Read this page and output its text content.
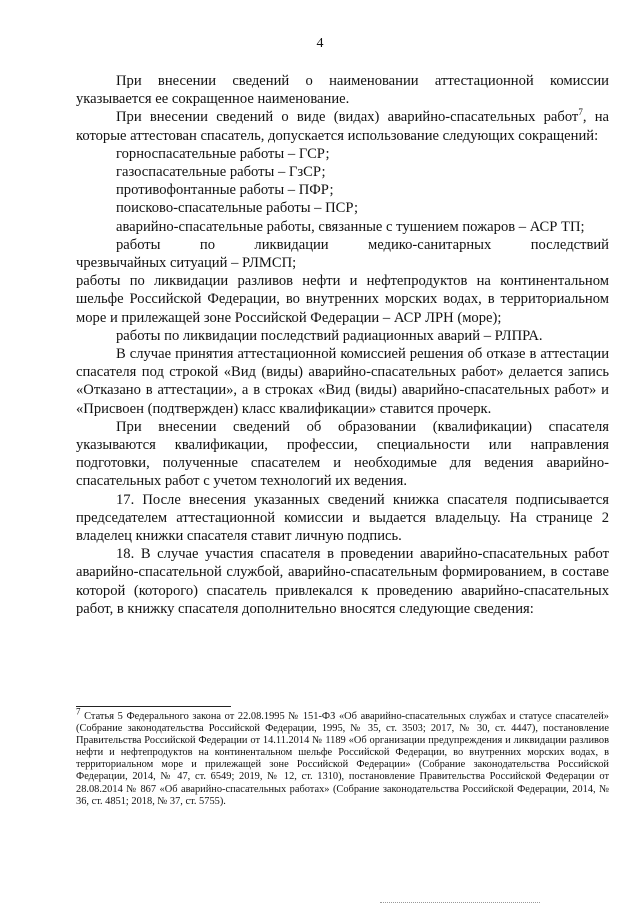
4

При внесении сведений о наименовании аттестационной комиссии указывается ее сокращенное наименование.

При внесении сведений о виде (видах) аварийно-спасательных работ$^7$, на которые аттестован спасатель, допускается использование следующих сокращений:

горноспасательные работы – ГСР;

газоспасательные работы – ГзСР;

противофонтанные работы – ПФР;

поисково-спасательные работы – ПСР;

аварийно-спасательные работы, связанные с тушением пожаров – АСР ТП;

работы по ликвидации медико-санитарных последствий

чрезвычайных ситуаций – РЛМСП;

работы по ликвидации разливов нефти и нефтепродуктов на континентальном шельфе Российской Федерации, во внутренних морских водах, в территориальном море и прилежащей зоне Российской Федерации – АСР ЛРН (море);

работы по ликвидации последствий радиационных аварий – РЛПРА.

В случае принятия аттестационной комиссией решения об отказе в аттестации спасателя под строкой «Вид (виды) аварийно-спасательных работ» делается запись «Отказано в аттестации», а в строках «Вид (виды) аварийно-спасательных работ» и «Присвоен (подтвержден) класс квалификации» ставится прочерк.

При внесении сведений об образовании (квалификации) спасателя указываются квалификации, профессии, специальности или направления подготовки, полученные спасателем и необходимые для ведения аварийно-спасательных работ с учетом технологий их ведения.

17. После внесения указанных сведений книжка спасателя подписывается председателем аттестационной комиссии и выдается владельцу. На странице 2 владелец книжки спасателя ставит личную подпись.

18. В случае участия спасателя в проведении аварийно-спасательных работ аварийно-спасательной службой, аварийно-спасательным формированием, в составе которой (которого) спасатель привлекался к проведению аварийно-спасательных работ, в книжку спасателя дополнительно вносятся следующие сведения:

$^7$ Статья 5 Федерального закона от 22.08.1995 № 151-ФЗ «Об аварийно-спасательных службах и статусе спасателей» (Собрание законодательства Российской Федерации, 1995, № 35, ст. 3503; 2017, № 30, ст. 4447), постановление Правительства Российской Федерации от 14.11.2014 № 1189 «Об организации предупреждения и ликвидации разливов нефти и нефтепродуктов на континентальном шельфе Российской Федерации, во внутренних морских водах, в территориальном море и прилежащей зоне Российской Федерации» (Собрание законодательства Российской Федерации, 2014, № 47, ст. 6549; 2019, № 12, ст. 1310), постановление Правительства Российской Федерации от 28.08.2014 № 867 «Об аварийно-спасательных работах» (Собрание законодательства Российской Федерации, 2014, № 36, ст. 4851; 2018, № 37, ст. 5755).
